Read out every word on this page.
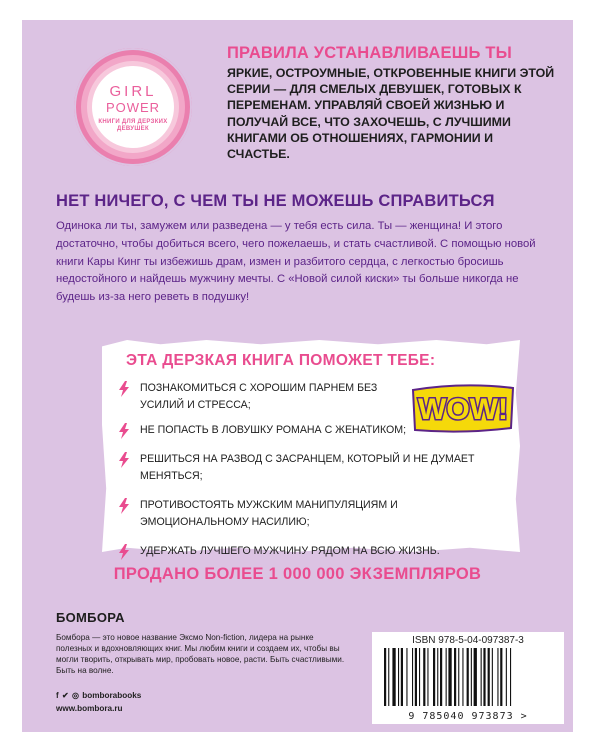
GIRL
POWER
КНИГИ ДЛЯ ДЕРЗКИХ
ДЕВУШЕК
ПРАВИЛА УСТАНАВЛИВАЕШЬ ТЫ
ЯРКИЕ, ОСТРОУМНЫЕ, ОТКРОВЕННЫЕ КНИГИ ЭТОЙ СЕРИИ — ДЛЯ СМЕЛЫХ ДЕВУШЕК, ГОТОВЫХ К ПЕРЕМЕНАМ. УПРАВЛЯЙ СВОЕЙ ЖИЗНЬЮ И ПОЛУЧАЙ ВСЕ, ЧТО ЗАХОЧЕШЬ, С ЛУЧШИМИ КНИГАМИ ОБ ОТНОШЕНИЯХ, ГАРМОНИИ И СЧАСТЬЕ.
НЕТ НИЧЕГО, С ЧЕМ ТЫ НЕ МОЖЕШЬ СПРАВИТЬСЯ
Одинока ли ты, замужем или разведена — у тебя есть сила. Ты — женщина! И этого достаточно, чтобы добиться всего, чего пожелаешь, и стать счастливой. С помощью новой книги Кары Кинг ты избежишь драм, измен и разбитого сердца, с легкостью бросишь недостойного и найдешь мужчину мечты. С «Новой силой киски» ты больше никогда не будешь из-за него реветь в подушку!
ЭТА ДЕРЗКАЯ КНИГА ПОМОЖЕТ ТЕБЕ:
ПОЗНАКОМИТЬСЯ С ХОРОШИМ ПАРНЕМ БЕЗ УСИЛИЙ И СТРЕССА;
НЕ ПОПАСТЬ В ЛОВУШКУ РОМАНА С ЖЕНАТИКОМ;
РЕШИТЬСЯ НА РАЗВОД С ЗАСРАНЦЕМ, КОТОРЫЙ И НЕ ДУМАЕТ МЕНЯТЬСЯ;
ПРОТИВОСТОЯТЬ МУЖСКИМ МАНИПУЛЯЦИЯМ И ЭМОЦИОНАЛЬНОМУ НАСИЛИЮ;
УДЕРЖАТЬ ЛУЧШЕГО МУЖЧИНУ РЯДОМ НА ВСЮ ЖИЗНЬ.
WOW!
ПРОДАНО БОЛЕЕ 1 000 000 ЭКЗЕМПЛЯРОВ
БОМБОРА
Бомбора — это новое название Эксмо Non-fiction, лидера на рынке полезных и вдохновляющих книг. Мы любим книги и создаем их, чтобы вы могли творить, открывать мир, пробовать новое, расти. Быть счастливыми. Быть на волне.
f ✔ ◎ bomborabooks
www.bombora.ru
ISBN 978-5-04-097387-3
9 785040 973873 >
